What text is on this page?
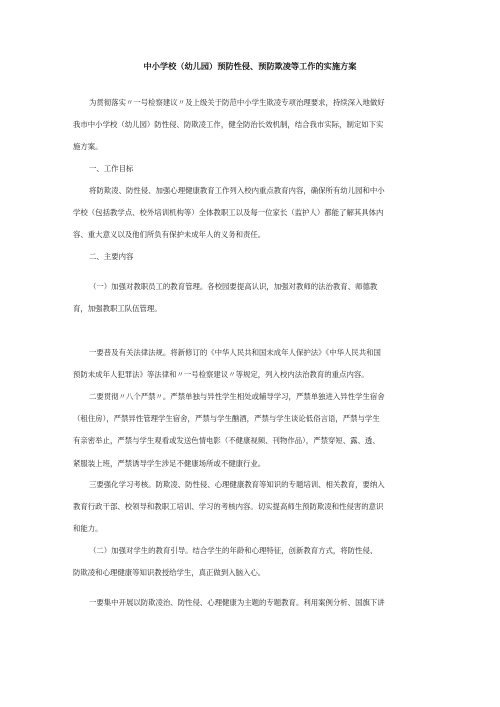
中小学校（幼儿园）预防性侵、预防欺凌等工作的实施方案
为贯彻落实〃一号检察建议〃及上级关于防范中小学生欺凌专项治理要求，持续深入地做好
我市中小学校（幼儿园）防性侵、防欺凌工作，健全防治长效机制，结合我市实际，制定如下实
施方案。
一、工作目标
将防欺凌、防性侵、加强心理健康教育工作列入校内重点教育内容，确保所有幼儿园和中小
学校（包括教学点、校外培训机构等）全体教职工以及每一位家长（监护人）都能了解其具体内
容、重大意义以及他们所负有保护未成年人的义务和责任。
二、主要内容
（一）加强对教职员工的教育管理。各校园要提高认识，加强对教师的法治教育、师德教
育，加强教职工队伍管理。
一要普及有关法律法规。将新修订的《中华人民共和国未成年人保护法》《中华人民共和国
预防未成年人犯罪法》等法律和〃一号检察建议〃等规定，列入校内法治教育的重点内容。
二要贯彻〃八个严禁〃。严禁单独与异性学生相处或辅导学习，严禁单独进入异性学生宿舍
（租住房），严禁异性管理学生宿舍，严禁与学生酗酒，严禁与学生谈论低俗言语，严禁与学生
有亲密举止，严禁与学生观看或发送色情电影（不健康视频、刊物作品），严禁穿短、露、透、
紧服装上班，严禁诱导学生涉足不健康场所或不健康行业。
三要强化学习考核。防欺凌、防性侵、心理健康教育等知识的专题培训、相关教育，要纳入
教育行政干部、校领导和教职工培训、学习的考核内容。切实提高师生预防欺凌和性侵害的意识
和能力。
（二）加强对学生的教育引导。结合学生的年龄和心理特征，创新教育方式，将防性侵、
防欺凌和心理健康等知识教授给学生，真正做到入脑入心。
一要集中开展以防欺凌治、防性侵、心理健康为主题的专题教育。利用案例分析、国旗下讲
